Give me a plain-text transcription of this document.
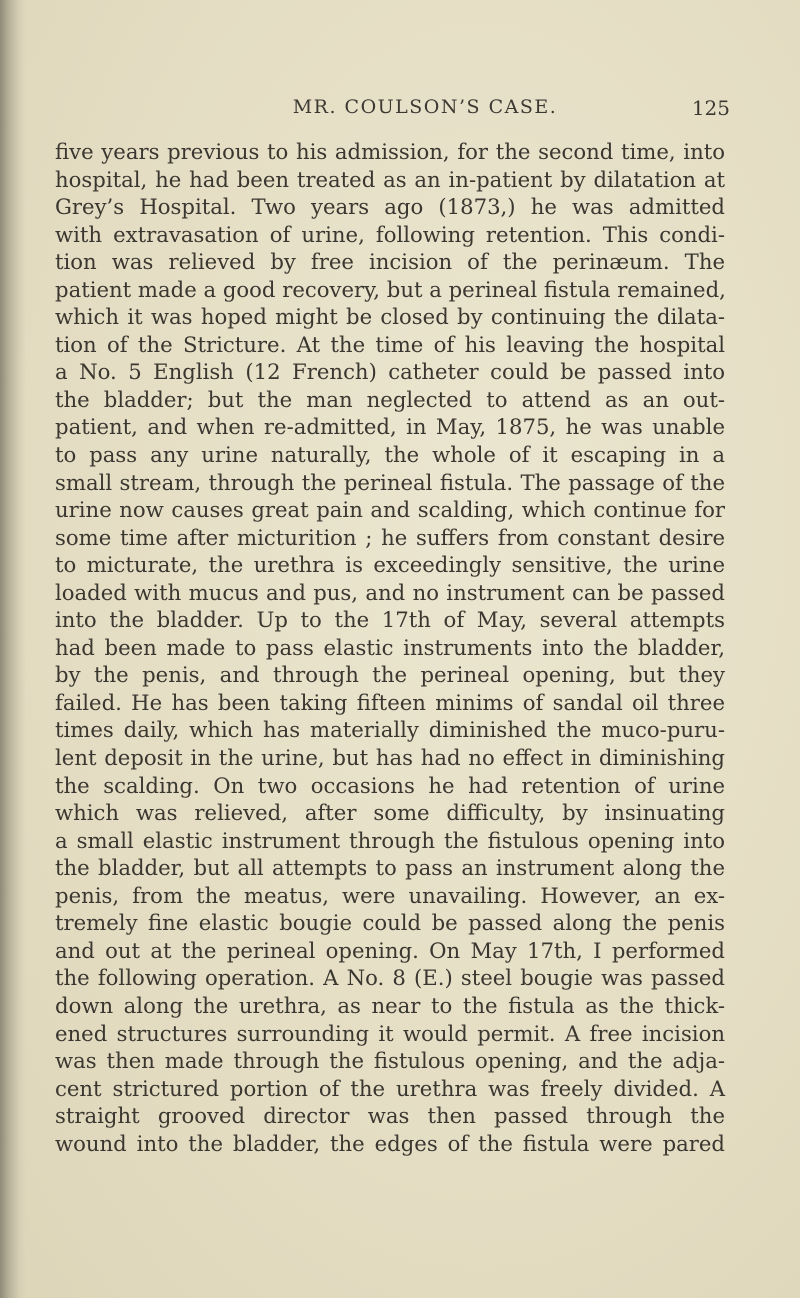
MR. COULSON’S CASE.	125
five years previous to his admission, for the second time, into
hospital, he had been treated as an in-patient by dilatation at
Grey’s Hospital. Two years ago (1873,) he was admitted
with extravasation of urine, following retention. This condi-
tion was relieved by free incision of the perinæum. The
patient made a good recovery, but a perineal fistula remained,
which it was hoped might be closed by continuing the dilata-
tion of the Stricture. At the time of his leaving the hospital
a No. 5 English (12 French) catheter could be passed into
the bladder; but the man neglected to attend as an out-
patient, and when re-admitted, in May, 1875, he was unable
to pass any urine naturally, the whole of it escaping in a
small stream, through the perineal fistula. The passage of the
urine now causes great pain and scalding, which continue for
some time after micturition ; he suffers from constant desire
to micturate, the urethra is exceedingly sensitive, the urine
loaded with mucus and pus, and no instrument can be passed
into the bladder. Up to the 17th of May, several attempts
had been made to pass elastic instruments into the bladder,
by the penis, and through the perineal opening, but they
failed. He has been taking fifteen minims of sandal oil three
times daily, which has materially diminished the muco-puru-
lent deposit in the urine, but has had no effect in diminishing
the scalding. On two occasions he had retention of urine
which was relieved, after some difficulty, by insinuating
a small elastic instrument through the fistulous opening into
the bladder, but all attempts to pass an instrument along the
penis, from the meatus, were unavailing. However, an ex-
tremely fine elastic bougie could be passed along the penis
and out at the perineal opening. On May 17th, I performed
the following operation. A No. 8 (E.) steel bougie was passed
down along the urethra, as near to the fistula as the thick-
ened structures surrounding it would permit. A free incision
was then made through the fistulous opening, and the adja-
cent strictured portion of the urethra was freely divided. A
straight grooved director was then passed through the
wound into the bladder, the edges of the fistula were pared
